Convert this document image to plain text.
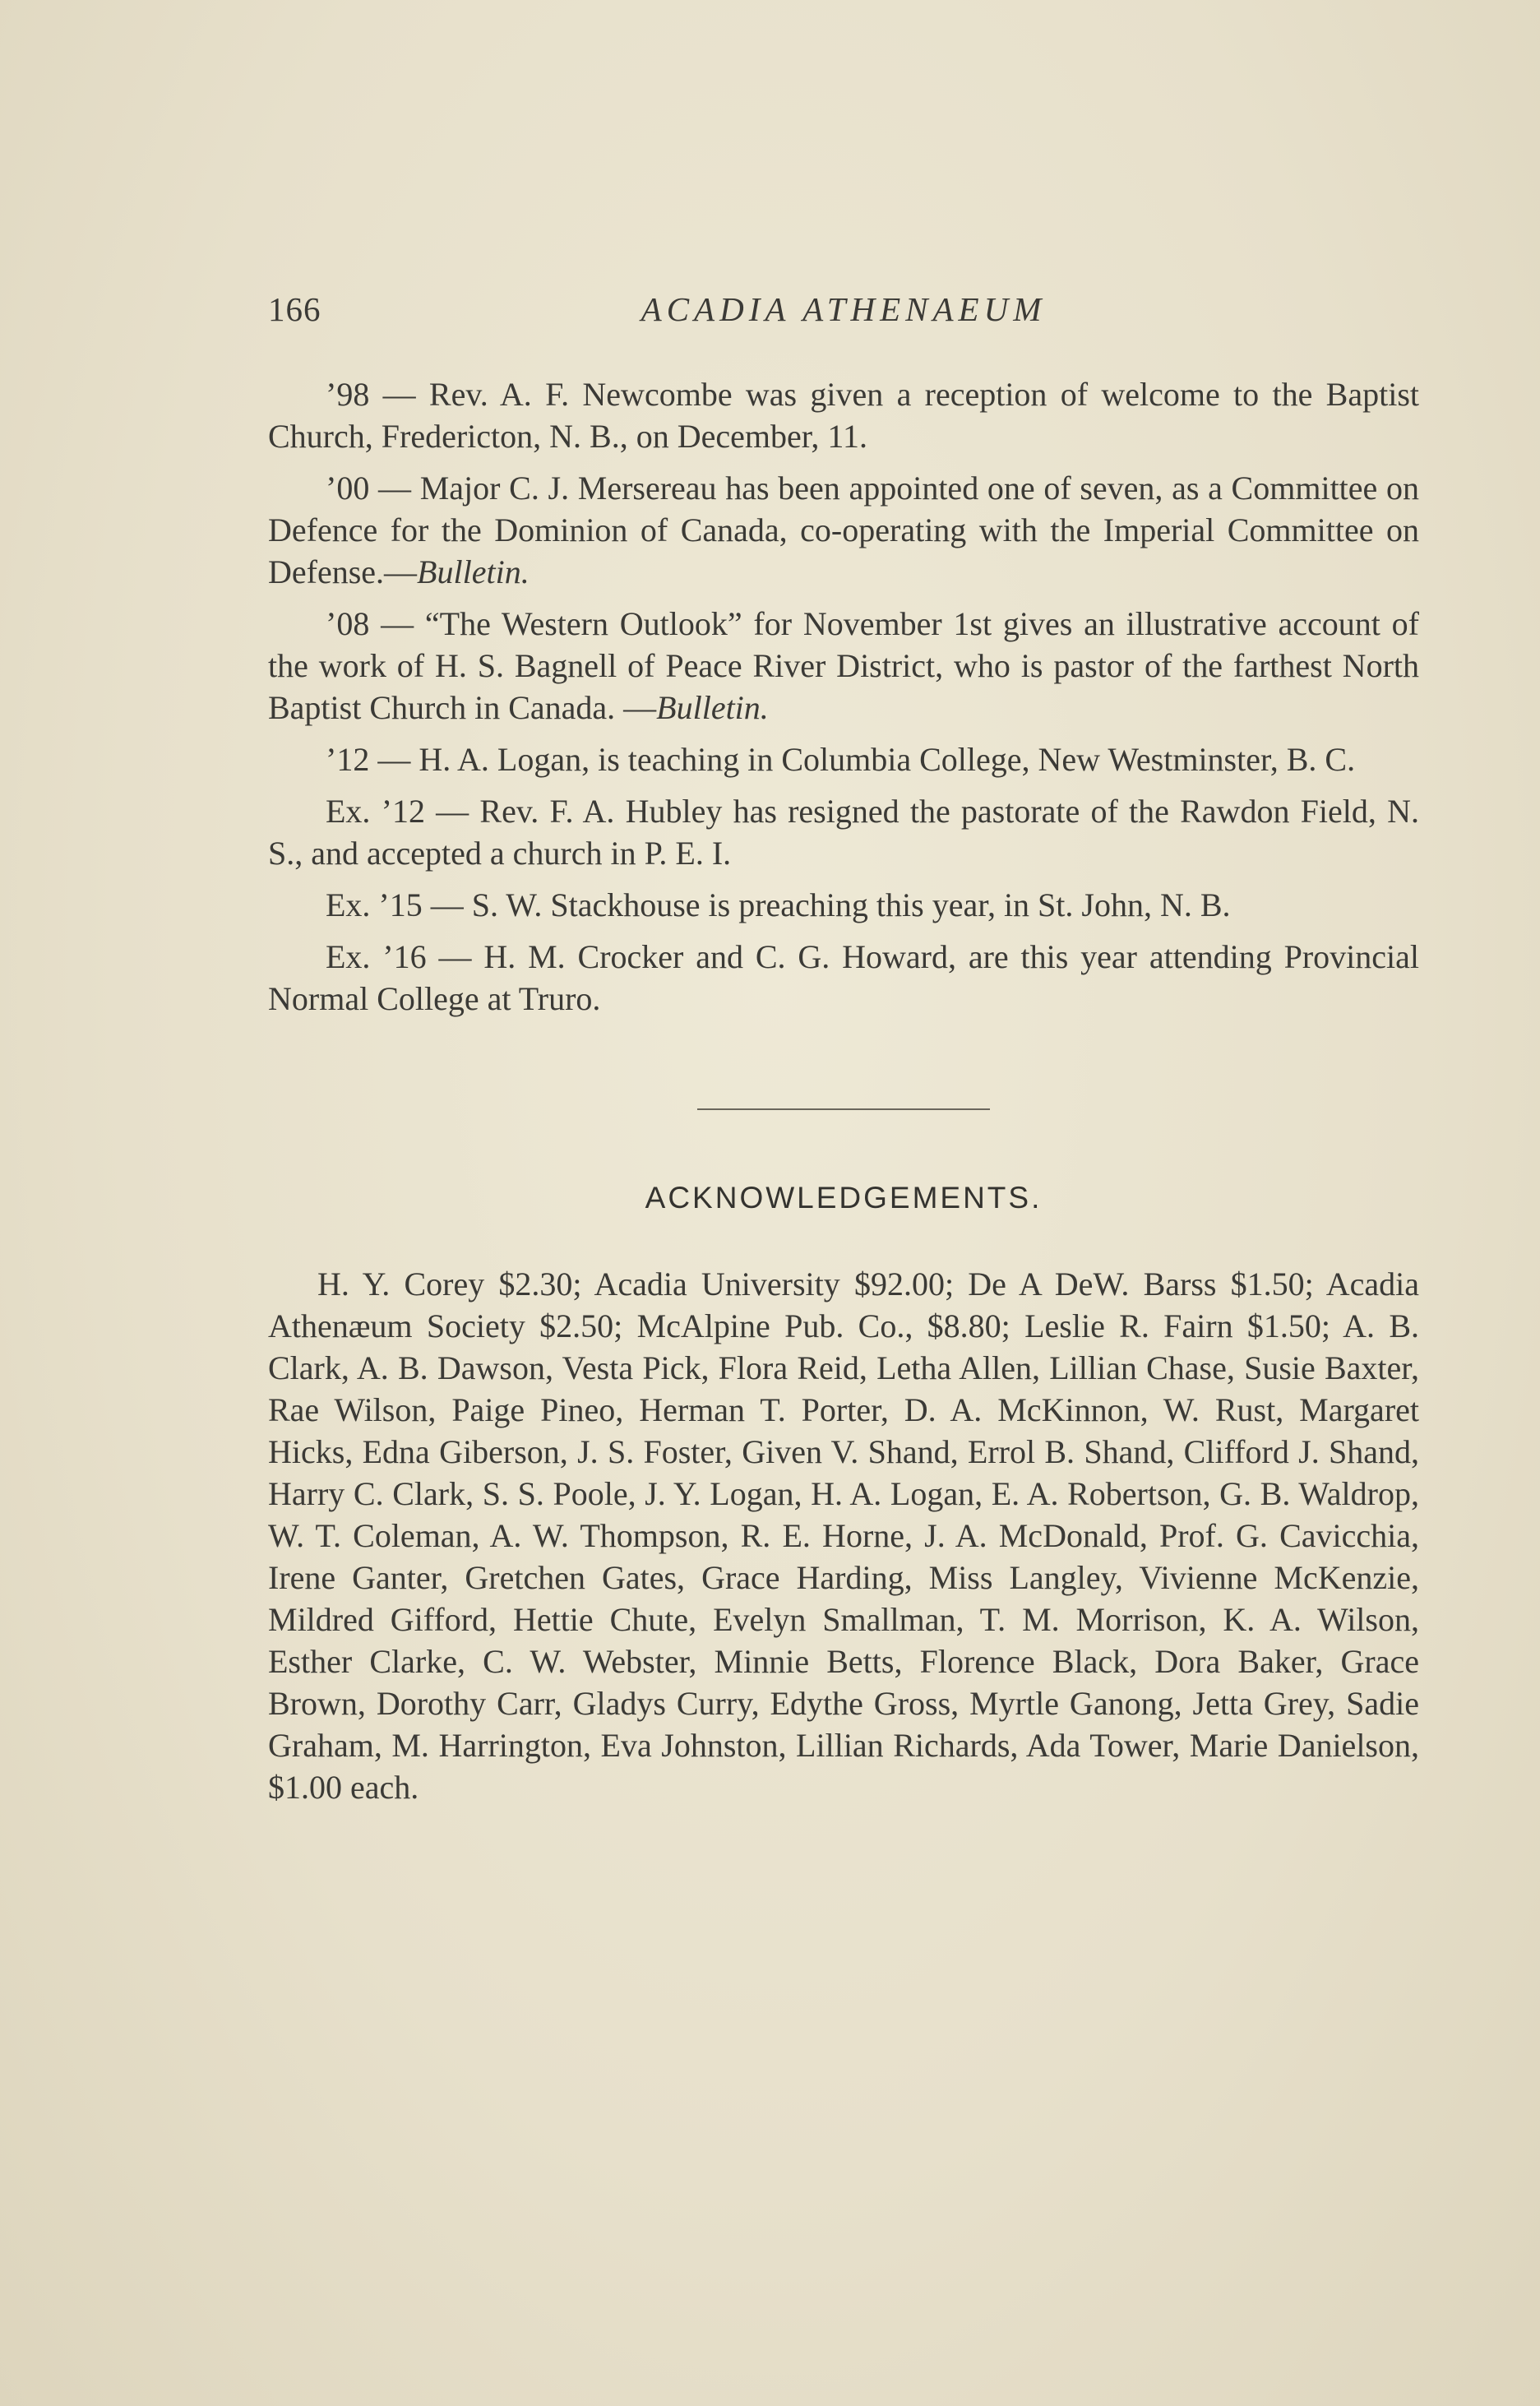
166	ACADIA ATHENAEUM

’98 — Rev. A. F. Newcombe was given a reception of welcome to the Baptist Church, Fredericton, N. B., on December, 11.

’00 — Major C. J. Mersereau has been appointed one of seven, as a Committee on Defence for the Dominion of Canada, co-operating with the Imperial Committee on Defense.—Bulletin.

’08 — “The Western Outlook” for November 1st gives an illustrative account of the work of H. S. Bagnell of Peace River District, who is pastor of the farthest North Baptist Church in Canada. —Bulletin.

’12 — H. A. Logan, is teaching in Columbia College, New Westminster, B. C.

Ex. ’12 — Rev. F. A. Hubley has resigned the pastorate of the Rawdon Field, N. S., and accepted a church in P. E. I.

Ex. ’15 — S. W. Stackhouse is preaching this year, in St. John, N. B.

Ex. ’16 — H. M. Crocker and C. G. Howard, are this year attending Provincial Normal College at Truro.

ACKNOWLEDGEMENTS.

H. Y. Corey $2.30; Acadia University $92.00; De A DeW. Barss $1.50; Acadia Athenæum Society $2.50; McAlpine Pub. Co., $8.80; Leslie R. Fairn $1.50; A. B. Clark, A. B. Dawson, Vesta Pick, Flora Reid, Letha Allen, Lillian Chase, Susie Baxter, Rae Wilson, Paige Pineo, Herman T. Porter, D. A. McKinnon, W. Rust, Margaret Hicks, Edna Giberson, J. S. Foster, Given V. Shand, Errol B. Shand, Clifford J. Shand, Harry C. Clark, S. S. Poole, J. Y. Logan, H. A. Logan, E. A. Robertson, G. B. Waldrop, W. T. Coleman, A. W. Thompson, R. E. Horne, J. A. McDonald, Prof. G. Cavicchia, Irene Ganter, Gretchen Gates, Grace Harding, Miss Langley, Vivienne McKenzie, Mildred Gifford, Hettie Chute, Evelyn Smallman, T. M. Morrison, K. A. Wilson, Esther Clarke, C. W. Webster, Minnie Betts, Florence Black, Dora Baker, Grace Brown, Dorothy Carr, Gladys Curry, Edythe Gross, Myrtle Ganong, Jetta Grey, Sadie Graham, M. Harrington, Eva Johnston, Lillian Richards, Ada Tower, Marie Danielson, $1.00 each.
